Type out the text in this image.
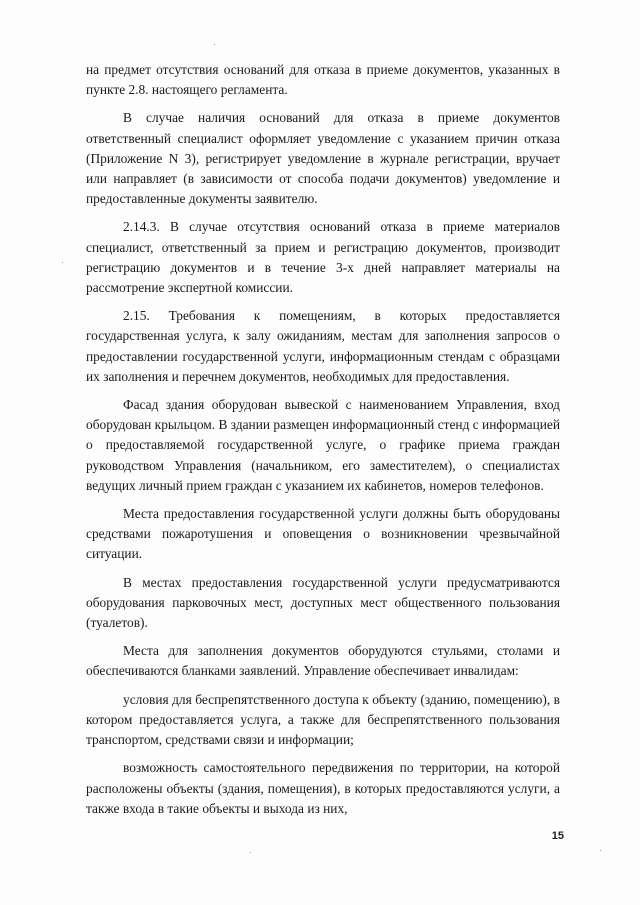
на предмет отсутствия оснований для отказа в приеме документов, указанных в пункте 2.8. настоящего регламента.

В случае наличия оснований для отказа в приеме документов ответственный специалист оформляет уведомление с указанием причин отказа (Приложение N 3), регистрирует уведомление в журнале регистрации, вручает или направляет (в зависимости от способа подачи документов) уведомление и предоставленные документы заявителю.

2.14.3. В случае отсутствия оснований отказа в приеме материалов специалист, ответственный за прием и регистрацию документов, производит регистрацию документов и в течение 3-х дней направляет материалы на рассмотрение экспертной комиссии.

2.15. Требования к помещениям, в которых предоставляется государственная услуга, к залу ожиданиям, местам для заполнения запросов о предоставлении государственной услуги, информационным стендам с образцами их заполнения и перечнем документов, необходимых для предоставления.

Фасад здания оборудован вывеской с наименованием Управления, вход оборудован крыльцом. В здании размещен информационный стенд с информацией о предоставляемой государственной услуге, о графике приема граждан руководством Управления (начальником, его заместителем), о специалистах ведущих личный прием граждан с указанием их кабинетов, номеров телефонов.

Места предоставления государственной услуги должны быть оборудованы средствами пожаротушения и оповещения о возникновении чрезвычайной ситуации.

В местах предоставления государственной услуги предусматриваются оборудования парковочных мест, доступных мест общественного пользования (туалетов).

Места для заполнения документов оборудуются стульями, столами и обеспечиваются бланками заявлений. Управление обеспечивает инвалидам:

условия для беспрепятственного доступа к объекту (зданию, помещению), в котором предоставляется услуга, а также для беспрепятственного пользования транспортом, средствами связи и информации;

возможность самостоятельного передвижения по территории, на которой расположены объекты (здания, помещения), в которых предоставляются услуги, а также входа в такие объекты и выхода из них,

15
